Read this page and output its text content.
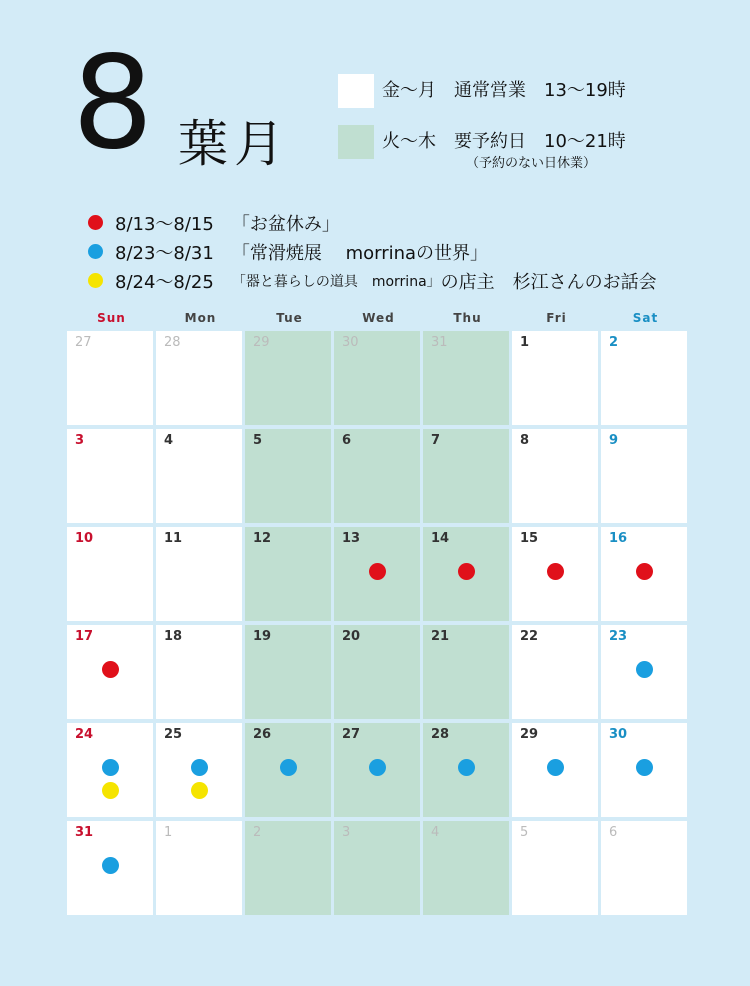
8 葉月
金〜月　通常営業　13〜19時
火〜木　要予約日　10〜21時
（予約のない日休業）
8/13〜8/15
　 「お盆休み」
8/23〜8/31
　 「常滑焼展　 morrinaの世界」
8/24〜8/25
　 「器と暮らしの道具　morrina」 の店主　杉江さんのお話会
Sun	Mon	Tue	Wed	Thu	Fri	Sat
27	28	29	30	31	1	2
3	4	5	6	7	8	9
10	11	12	13	14	15	16
17	18	19	20	21	22	23
24	25	26	27	28	29	30
31	1	2	3	4	5	6
